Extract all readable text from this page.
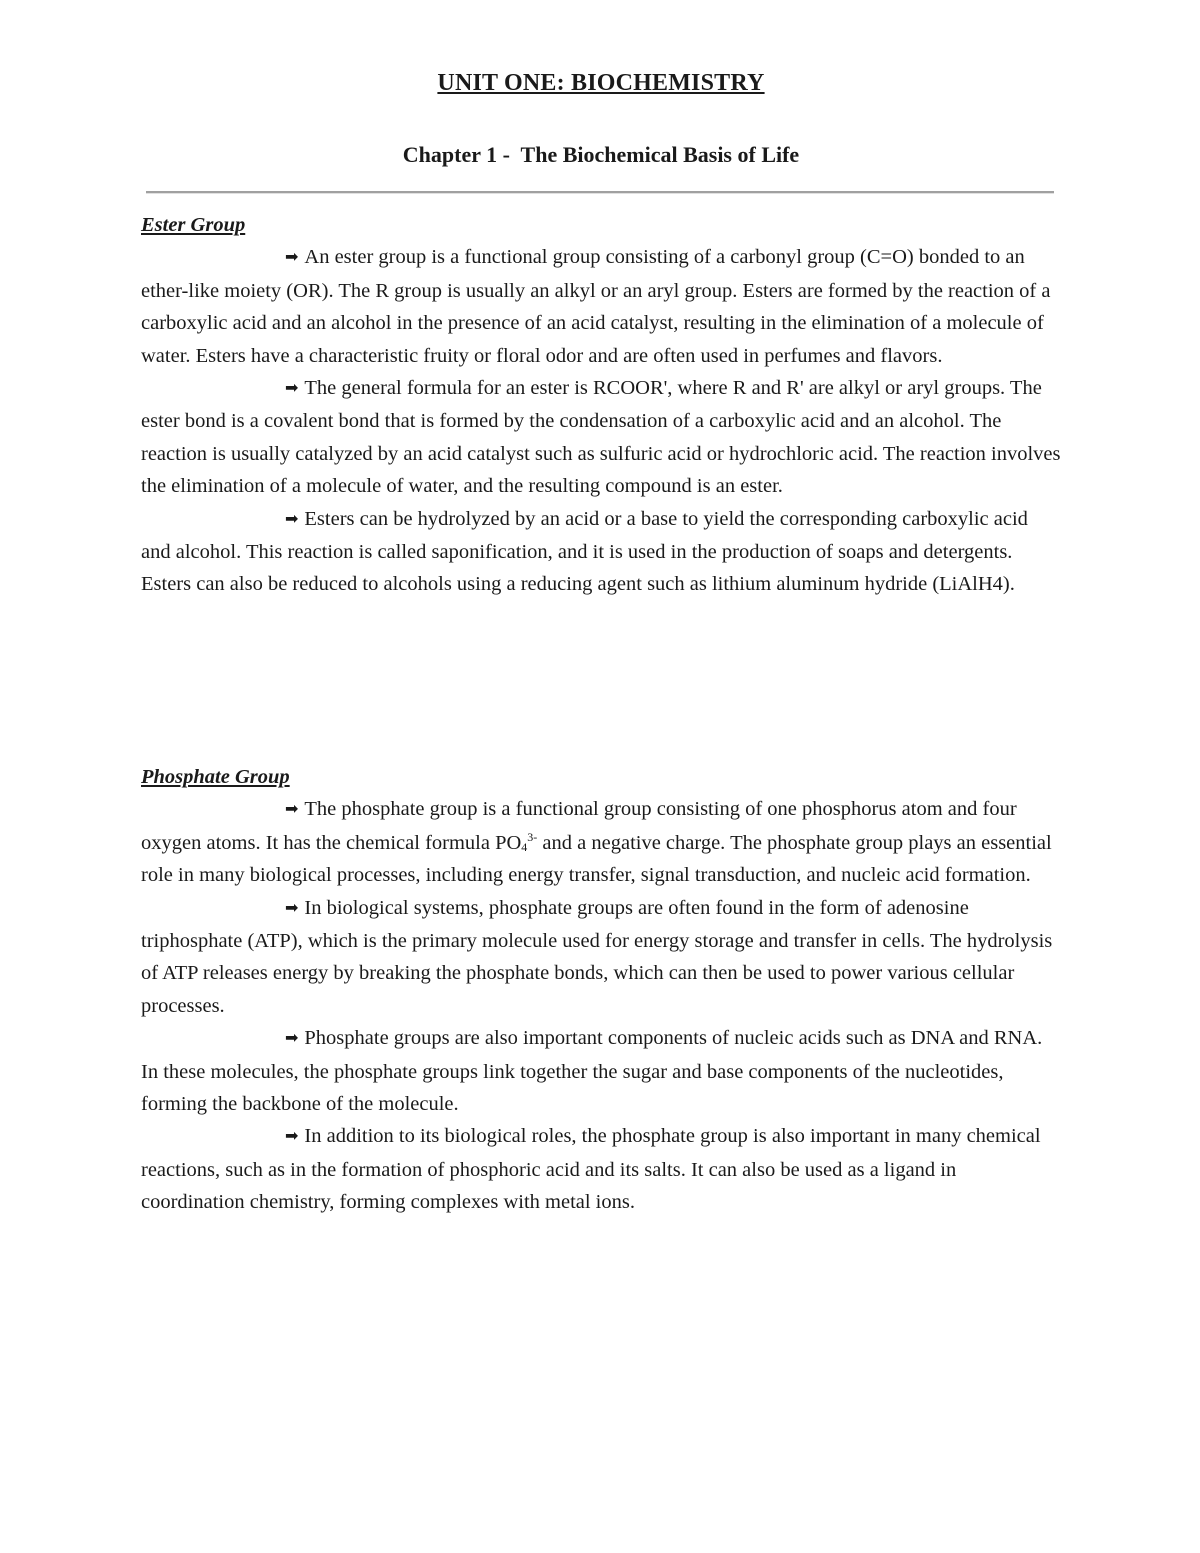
UNIT ONE: BIOCHEMISTRY
Chapter 1 -  The Biochemical Basis of Life
Ester Group

➡ An ester group is a functional group consisting of a carbonyl group (C=O) bonded to an ether-like moiety (OR). The R group is usually an alkyl or an aryl group. Esters are formed by the reaction of a carboxylic acid and an alcohol in the presence of an acid catalyst, resulting in the elimination of a molecule of water. Esters have a characteristic fruity or floral odor and are often used in perfumes and flavors.

➡ The general formula for an ester is RCOOR', where R and R' are alkyl or aryl groups. The ester bond is a covalent bond that is formed by the condensation of a carboxylic acid and an alcohol. The reaction is usually catalyzed by an acid catalyst such as sulfuric acid or hydrochloric acid. The reaction involves the elimination of a molecule of water, and the resulting compound is an ester.

➡ Esters can be hydrolyzed by an acid or a base to yield the corresponding carboxylic acid and alcohol. This reaction is called saponification, and it is used in the production of soaps and detergents. Esters can also be reduced to alcohols using a reducing agent such as lithium aluminum hydride (LiAlH4).

Phosphate Group

➡ The phosphate group is a functional group consisting of one phosphorus atom and four oxygen atoms. It has the chemical formula $PO_4^{3-}$ and a negative charge. The phosphate group plays an essential role in many biological processes, including energy transfer, signal transduction, and nucleic acid formation.

➡ In biological systems, phosphate groups are often found in the form of adenosine triphosphate (ATP), which is the primary molecule used for energy storage and transfer in cells. The hydrolysis of ATP releases energy by breaking the phosphate bonds, which can then be used to power various cellular processes.

➡ Phosphate groups are also important components of nucleic acids such as DNA and RNA. In these molecules, the phosphate groups link together the sugar and base components of the nucleotides, forming the backbone of the molecule.

➡ In addition to its biological roles, the phosphate group is also important in many chemical reactions, such as in the formation of phosphoric acid and its salts. It can also be used as a ligand in coordination chemistry, forming complexes with metal ions.
